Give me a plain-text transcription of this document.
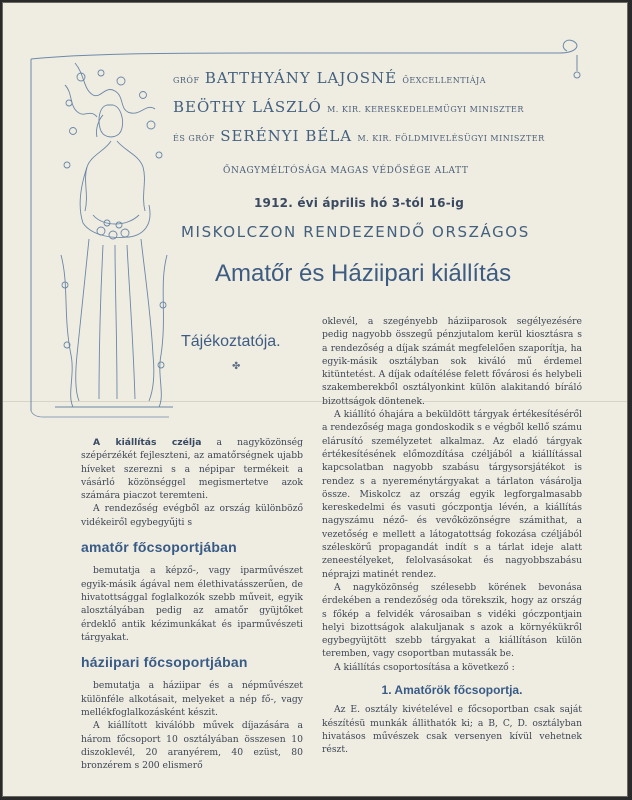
GRÓF BATTHYÁNY LAJOSNÉ ŐEXCELLENTIÁJA
BEÖTHY LÁSZLÓ M. KIR. KERESKEDELEMÜGYI MINISZTER
ÉS GRÓF SERÉNYI BÉLA M. KIR. FÖLDMIVELÉSÜGYI MINISZTER
ŐNAGYMÉLTÓSÁGA MAGAS VÉDŐSÉGE ALATT
1912. évi április hó 3-tól 16-ig
MISKOLCZON RENDEZENDŐ ORSZÁGOS
Amatőr és Háziipari kiállítás
Tájékoztatója.
✤

A kiállítás czélja a nagyközönség szépérzékét fejleszteni, az amatőrségnek ujabb híveket szerezni s a népipar termékeit a vásárló közönséggel megismertetve azok számára piaczot teremteni.

A rendezőség evégből az ország különböző vidékeiről egybegyűjti s

amatőr főcsoportjában

bemutatja a képző-, vagy iparművészet egyik-másik ágával nem élethivatásszerűen, de hivatottsággal foglalkozók szebb műveit, egyik alosztályában pedig az amatőr gyüjtőket érdeklő antik kézimunkákat és iparművészeti tárgyakat.

háziipari főcsoportjában

bemutatja a háziipar és a népművészet különféle alkotásait, melyeket a nép fő-, vagy mellékfoglalkozásként készit.

A kiállított kiválóbb művek díjazására a három főcsoport 10 osztályában összesen 10 diszoklevél, 20 aranyérem, 40 ezüst, 80 bronzérem s 200 elismerő

oklevél, a szegényebb háziiparosok segélyezésére pedig nagyobb összegű pénzjutalom kerül kiosztásra s a rendezőség a díjak számát megfelelően szaporítja, ha egyik-másik osztályban sok kiváló mű érdemel kitüntetést. A díjak odaítélése felett fővárosi és helybeli szakemberekből osztályonkint külön alakitandó bíráló bizottságok döntenek.

A kiállító óhajára a beküldött tárgyak értékesítéséről a rendezőség maga gondoskodik s e végből kellő számu elárusító személyzetet alkalmaz. Az eladó tárgyak értékesítésének előmozdítása czéljából a kiállítással kapcsolatban nagyobb szabásu tárgysorsjátékot is rendez s a nyereménytárgyakat a tárlaton vásárolja össze. Miskolcz az ország egyik legforgalmasabb kereskedelmi és vasuti góczpontja lévén, a kiállítás nagyszámu néző- és vevőközönségre számithat, a vezetőség e mellett a látogatottság fokozása czéljából széleskörű propagandát indít s a tárlat ideje alatt zeneestélyeket, felolvasásokat és nagyobbszabásu néprajzi matinét rendez.

A nagyközönség szélesebb körének bevonása érdekében a rendezőség oda törekszik, hogy az ország s főkép a felvidék városaiban s vidéki góczpontjain helyi bizottságok alakuljanak s azok a környékükről egybegyüjtött szebb tárgyakat a kiállításon külön teremben, vagy csoportban mutassák be.

A kiállítás csoportosítása a következő :

1. Amatőrök főcsoportja.

Az E. osztály kivételével e főcsoportban csak saját készítésü munkák állithatók ki; a B, C, D. osztályban hivatásos művészek csak versenyen kívül vehetnek részt.
